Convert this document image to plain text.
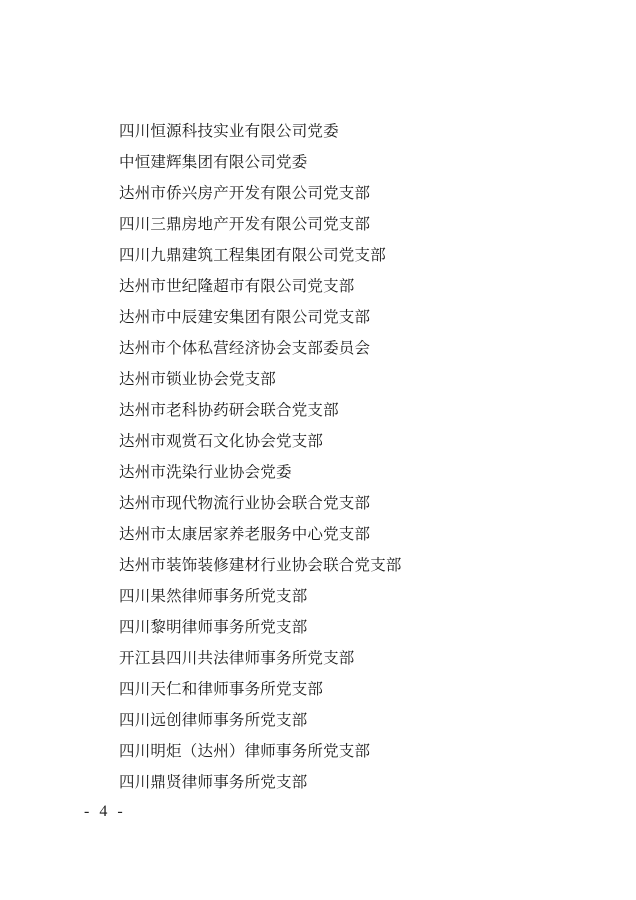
四川恒源科技实业有限公司党委
中恒建辉集团有限公司党委
达州市侨兴房产开发有限公司党支部
四川三鼎房地产开发有限公司党支部
四川九鼎建筑工程集团有限公司党支部
达州市世纪隆超市有限公司党支部
达州市中辰建安集团有限公司党支部
达州市个体私营经济协会支部委员会
达州市锁业协会党支部
达州市老科协药研会联合党支部
达州市观赏石文化协会党支部
达州市洗染行业协会党委
达州市现代物流行业协会联合党支部
达州市太康居家养老服务中心党支部
达州市装饰装修建材行业协会联合党支部
四川果然律师事务所党支部
四川黎明律师事务所党支部
开江县四川共法律师事务所党支部
四川天仁和律师事务所党支部
四川远创律师事务所党支部
四川明炬（达州）律师事务所党支部
四川鼎贤律师事务所党支部
- 4 -
